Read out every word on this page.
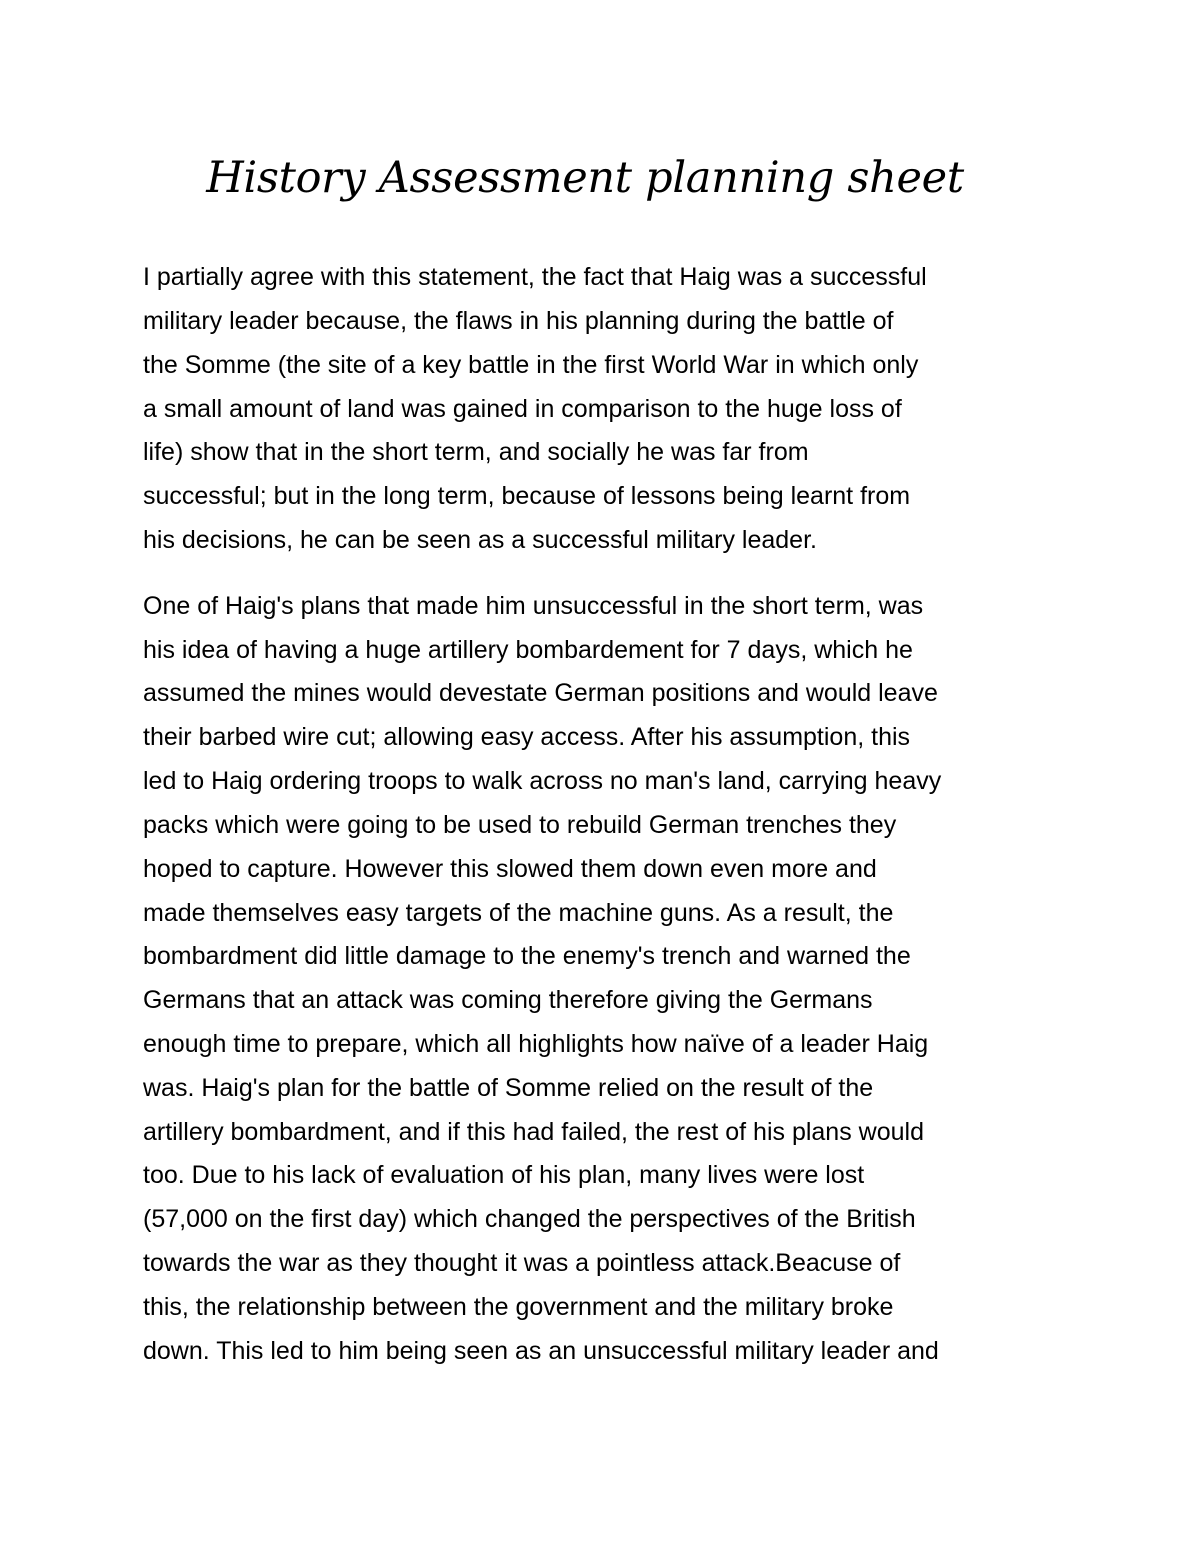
History Assessment planning sheet

I partially agree with this statement, the fact that Haig was a successful

military leader because, the flaws in his planning during the battle of

the Somme (the site of a key battle in the first World War in which only

a small amount of land was gained in comparison to the huge loss of

life) show that in the short term, and socially he was far from

successful; but in the long term, because of lessons being learnt from

his decisions, he can be seen as a successful military leader.

One of Haig's plans that made him unsuccessful in the short term, was

his idea of having a huge artillery bombardement for 7 days, which he

assumed the mines would devestate German positions and would leave

their barbed wire cut; allowing easy access. After his assumption, this

led to Haig ordering troops to walk across no man's land, carrying heavy

packs which were going to be used to rebuild German trenches they

hoped to capture. However this slowed them down even more and

made themselves easy targets of the machine guns. As a result, the

bombardment did little damage to the enemy's trench and warned the

Germans that an attack was coming therefore giving the Germans

enough time to prepare, which all highlights how naïve of a leader Haig

was. Haig's plan for the battle of Somme relied on the result of the

artillery bombardment, and if this had failed, the rest of his plans would

too. Due to his lack of evaluation of his plan, many lives were lost

(57,000 on the first day) which changed the perspectives of the British

towards the war as they thought it was a pointless attack.Beacuse of

this, the relationship between the government and the military broke

down. This led to him being seen as an unsuccessful military leader and
